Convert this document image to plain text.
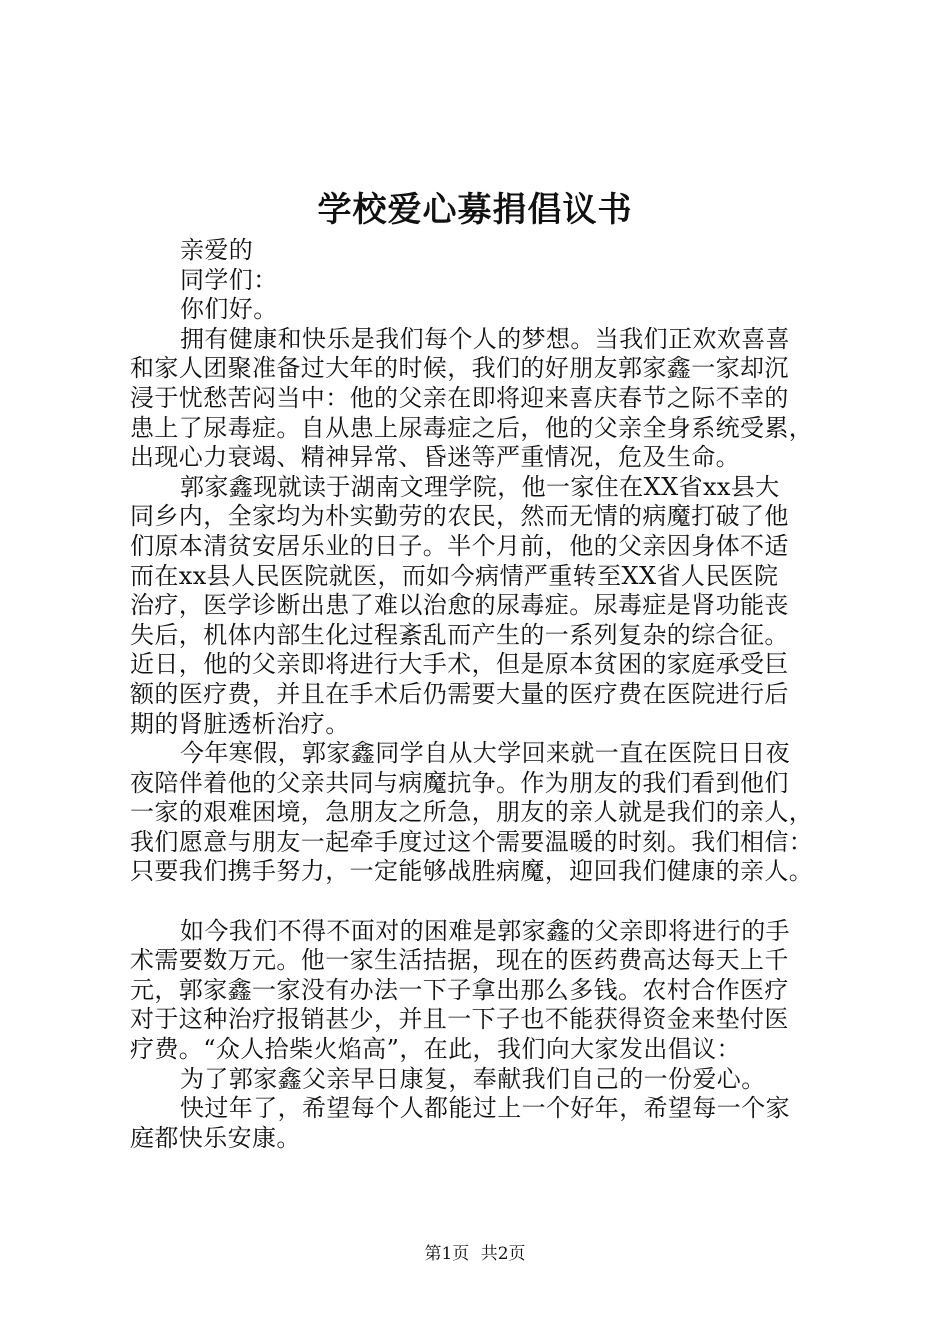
学校爱心募捐倡议书
亲爱的
同学们：
你们好。
拥有健康和快乐是我们每个人的梦想。当我们正欢欢喜喜
和家人团聚准备过大年的时候，我们的好朋友郭家鑫一家却沉
浸于忧愁苦闷当中：他的父亲在即将迎来喜庆春节之际不幸的
患上了尿毒症。自从患上尿毒症之后，他的父亲全身系统受累，
出现心力衰竭、精神异常、昏迷等严重情况，危及生命。
郭家鑫现就读于湖南文理学院，他一家住在XX省xx县大
同乡内，全家均为朴实勤劳的农民，然而无情的病魔打破了他
们原本清贫安居乐业的日子。半个月前，他的父亲因身体不适
而在xx县人民医院就医，而如今病情严重转至XX省人民医院
治疗，医学诊断出患了难以治愈的尿毒症。尿毒症是肾功能丧
失后，机体内部生化过程紊乱而产生的一系列复杂的综合征。
近日，他的父亲即将进行大手术，但是原本贫困的家庭承受巨
额的医疗费，并且在手术后仍需要大量的医疗费在医院进行后
期的肾脏透析治疗。
今年寒假，郭家鑫同学自从大学回来就一直在医院日日夜
夜陪伴着他的父亲共同与病魔抗争。作为朋友的我们看到他们
一家的艰难困境，急朋友之所急，朋友的亲人就是我们的亲人，
我们愿意与朋友一起牵手度过这个需要温暖的时刻。我们相信：
只要我们携手努力，一定能够战胜病魔，迎回我们健康的亲人。
如今我们不得不面对的困难是郭家鑫的父亲即将进行的手
术需要数万元。他一家生活拮据，现在的医药费高达每天上千
元，郭家鑫一家没有办法一下子拿出那么多钱。农村合作医疗
对于这种治疗报销甚少，并且一下子也不能获得资金来垫付医
疗费。“众人拾柴火焰高”，在此，我们向大家发出倡议：
为了郭家鑫父亲早日康复，奉献我们自己的一份爱心。
快过年了，希望每个人都能过上一个好年，希望每一个家
庭都快乐安康。
第1页 共2页
